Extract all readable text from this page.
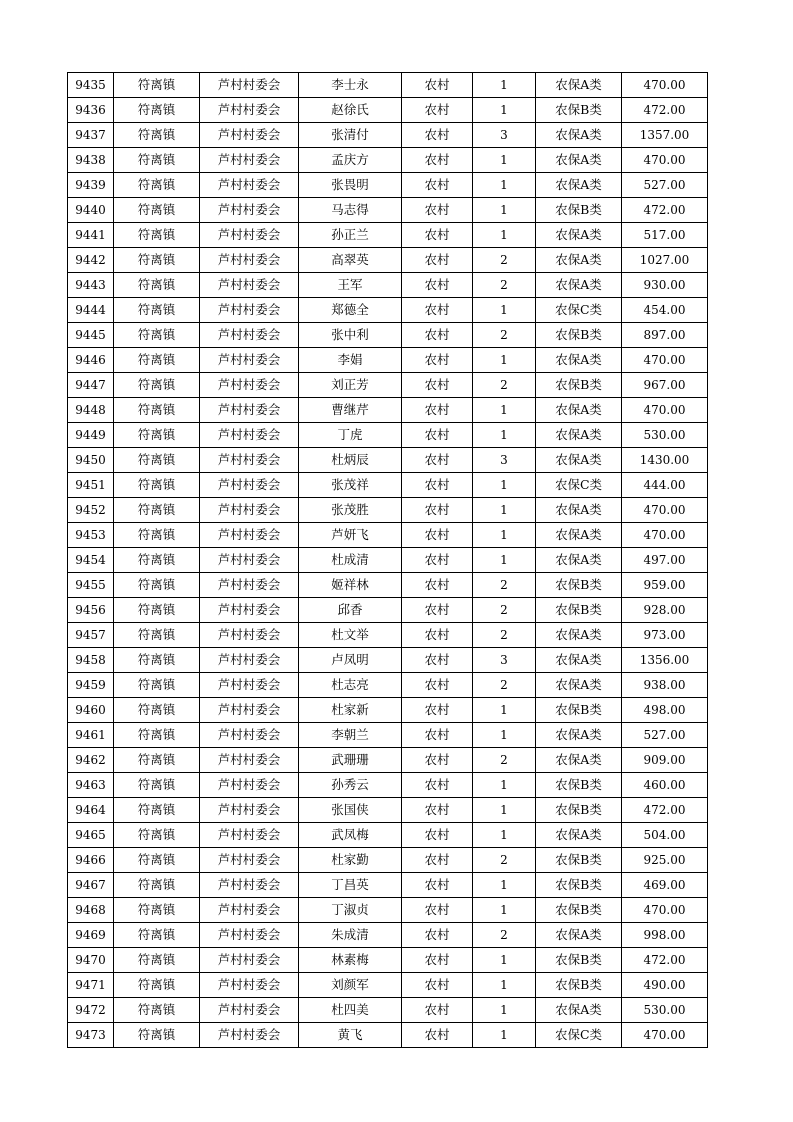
9435	符离镇	芦村村委会	李士永	农村	1	农保A类	470.00
9436	符离镇	芦村村委会	赵徐氏	农村	1	农保B类	472.00
9437	符离镇	芦村村委会	张清付	农村	3	农保A类	1357.00
9438	符离镇	芦村村委会	孟庆方	农村	1	农保A类	470.00
9439	符离镇	芦村村委会	张畏明	农村	1	农保A类	527.00
9440	符离镇	芦村村委会	马志得	农村	1	农保B类	472.00
9441	符离镇	芦村村委会	孙正兰	农村	1	农保A类	517.00
9442	符离镇	芦村村委会	高翠英	农村	2	农保A类	1027.00
9443	符离镇	芦村村委会	王军	农村	2	农保A类	930.00
9444	符离镇	芦村村委会	郑德全	农村	1	农保C类	454.00
9445	符离镇	芦村村委会	张中利	农村	2	农保B类	897.00
9446	符离镇	芦村村委会	李娟	农村	1	农保A类	470.00
9447	符离镇	芦村村委会	刘正芳	农村	2	农保B类	967.00
9448	符离镇	芦村村委会	曹继芹	农村	1	农保A类	470.00
9449	符离镇	芦村村委会	丁虎	农村	1	农保A类	530.00
9450	符离镇	芦村村委会	杜炳辰	农村	3	农保A类	1430.00
9451	符离镇	芦村村委会	张茂祥	农村	1	农保C类	444.00
9452	符离镇	芦村村委会	张茂胜	农村	1	农保A类	470.00
9453	符离镇	芦村村委会	芦妍飞	农村	1	农保A类	470.00
9454	符离镇	芦村村委会	杜成清	农村	1	农保A类	497.00
9455	符离镇	芦村村委会	姬祥林	农村	2	农保B类	959.00
9456	符离镇	芦村村委会	邱香	农村	2	农保B类	928.00
9457	符离镇	芦村村委会	杜文举	农村	2	农保A类	973.00
9458	符离镇	芦村村委会	卢凤明	农村	3	农保A类	1356.00
9459	符离镇	芦村村委会	杜志亮	农村	2	农保A类	938.00
9460	符离镇	芦村村委会	杜家新	农村	1	农保B类	498.00
9461	符离镇	芦村村委会	李朝兰	农村	1	农保A类	527.00
9462	符离镇	芦村村委会	武珊珊	农村	2	农保A类	909.00
9463	符离镇	芦村村委会	孙秀云	农村	1	农保B类	460.00
9464	符离镇	芦村村委会	张国侠	农村	1	农保B类	472.00
9465	符离镇	芦村村委会	武凤梅	农村	1	农保A类	504.00
9466	符离镇	芦村村委会	杜家勤	农村	2	农保B类	925.00
9467	符离镇	芦村村委会	丁昌英	农村	1	农保B类	469.00
9468	符离镇	芦村村委会	丁淑贞	农村	1	农保B类	470.00
9469	符离镇	芦村村委会	朱成清	农村	2	农保A类	998.00
9470	符离镇	芦村村委会	林素梅	农村	1	农保B类	472.00
9471	符离镇	芦村村委会	刘颜军	农村	1	农保B类	490.00
9472	符离镇	芦村村委会	杜四美	农村	1	农保A类	530.00
9473	符离镇	芦村村委会	黄飞	农村	1	农保C类	470.00
